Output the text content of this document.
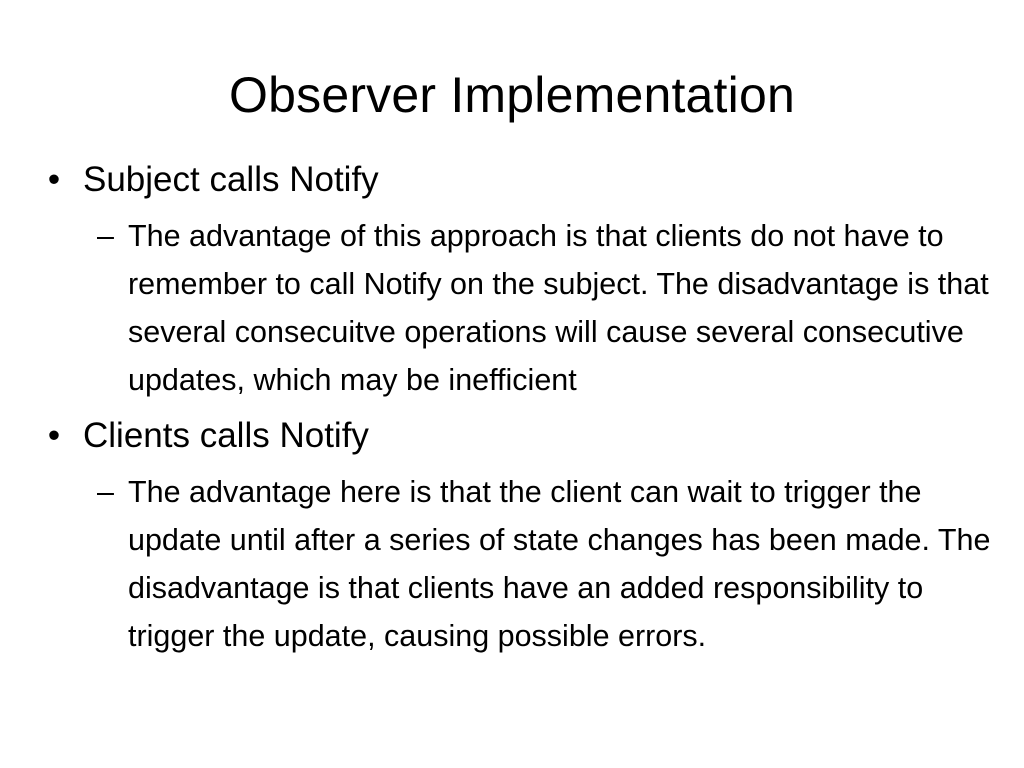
Observer Implementation
• Subject calls Notify
– The advantage of this approach is that clients do not have to remember to call Notify on the subject. The disadvantage is that several consecuitve operations will cause several consecutive updates, which may be inefficient
• Clients calls Notify
– The advantage here is that the client can wait to trigger the update until after a series of state changes has been made. The disadvantage is that clients have an added responsibility to trigger the update, causing possible errors.
